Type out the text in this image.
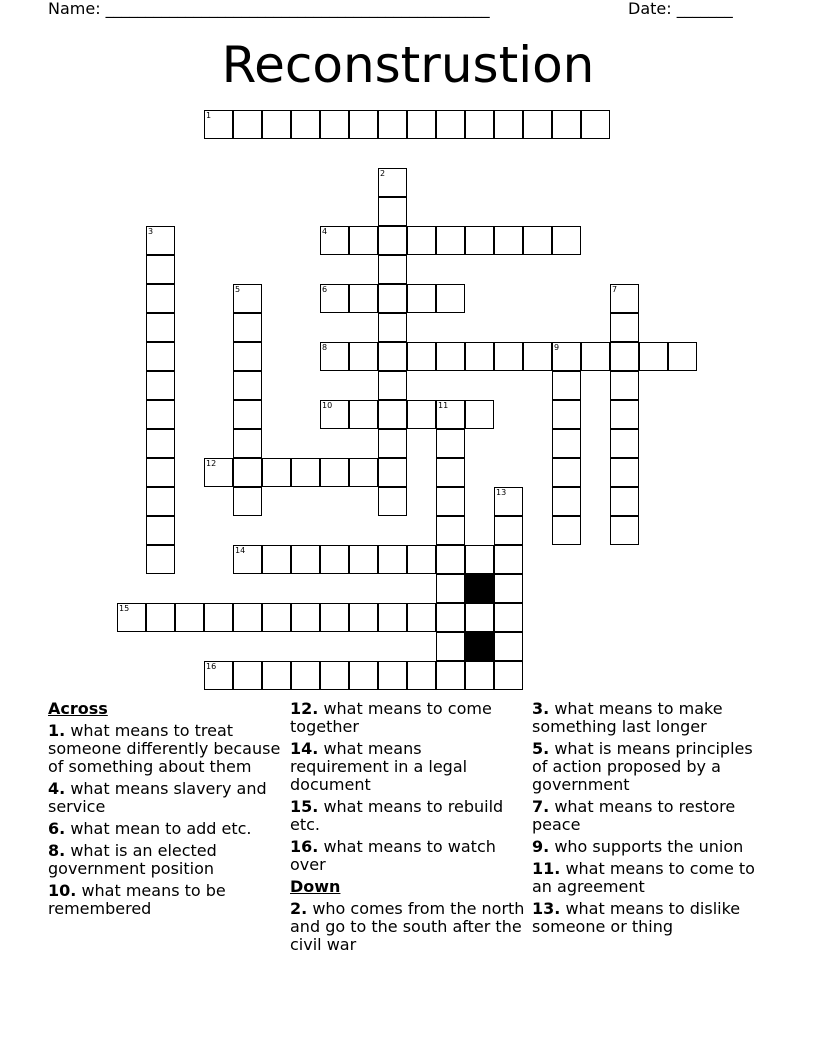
Name: ________________________________________________	Date: _______
Reconstrustion
1
2
3	4
5	6	7
8	9
10	11
12
13
14
15
16
Across
1. what means to treat someone differently because of something about them
4. what means slavery and service
6. what mean to add etc.
8. what is an elected government position
10. what means to be remembered
12. what means to come together
14. what means requirement in a legal document
15. what means to rebuild etc.
16. what means to watch over
Down
2. who comes from the north and go to the south after the civil war
3. what means to make something last longer
5. what is means principles of action proposed by a government
7. what means to restore peace
9. who supports the union
11. what means to come to an agreement
13. what means to dislike someone or thing
